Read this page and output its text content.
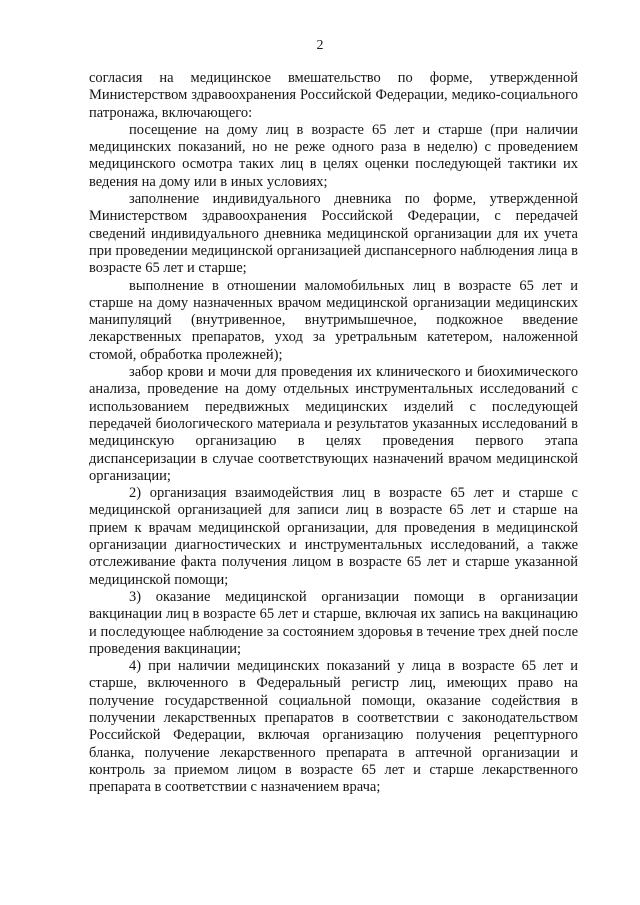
2

согласия на медицинское вмешательство по форме, утвержденной Министерством здравоохранения Российской Федерации, медико-социального патронажа, включающего:

посещение на дому лиц в возрасте 65 лет и старше (при наличии медицинских показаний, но не реже одного раза в неделю) с проведением медицинского осмотра таких лиц в целях оценки последующей тактики их ведения на дому или в иных условиях;

заполнение индивидуального дневника по форме, утвержденной Министерством здравоохранения Российской Федерации, с передачей сведений индивидуального дневника медицинской организации для их учета при проведении медицинской организацией диспансерного наблюдения лица в возрасте 65 лет и старше;

выполнение в отношении маломобильных лиц в возрасте 65 лет и старше на дому назначенных врачом медицинской организации медицинских манипуляций (внутривенное, внутримышечное, подкожное введение лекарственных препаратов, уход за уретральным катетером, наложенной стомой, обработка пролежней);

забор крови и мочи для проведения их клинического и биохимического анализа, проведение на дому отдельных инструментальных исследований с использованием передвижных медицинских изделий с последующей передачей биологического материала и результатов указанных исследований в медицинскую организацию в целях проведения первого этапа диспансеризации в случае соответствующих назначений врачом медицинской организации;

2) организация взаимодействия лиц в возрасте 65 лет и старше с медицинской организацией для записи лиц в возрасте 65 лет и старше на прием к врачам медицинской организации, для проведения в медицинской организации диагностических и инструментальных исследований, а также отслеживание факта получения лицом в возрасте 65 лет и старше указанной медицинской помощи;

3) оказание медицинской организации помощи в организации вакцинации лиц в возрасте 65 лет и старше, включая их запись на вакцинацию и последующее наблюдение за состоянием здоровья в течение трех дней после проведения вакцинации;

4) при наличии медицинских показаний у лица в возрасте 65 лет и старше, включенного в Федеральный регистр лиц, имеющих право на получение государственной социальной помощи, оказание содействия в получении лекарственных препаратов в соответствии с законодательством Российской Федерации, включая организацию получения рецептурного бланка, получение лекарственного препарата в аптечной организации и контроль за приемом лицом в возрасте 65 лет и старше лекарственного препарата в соответствии с назначением врача;
